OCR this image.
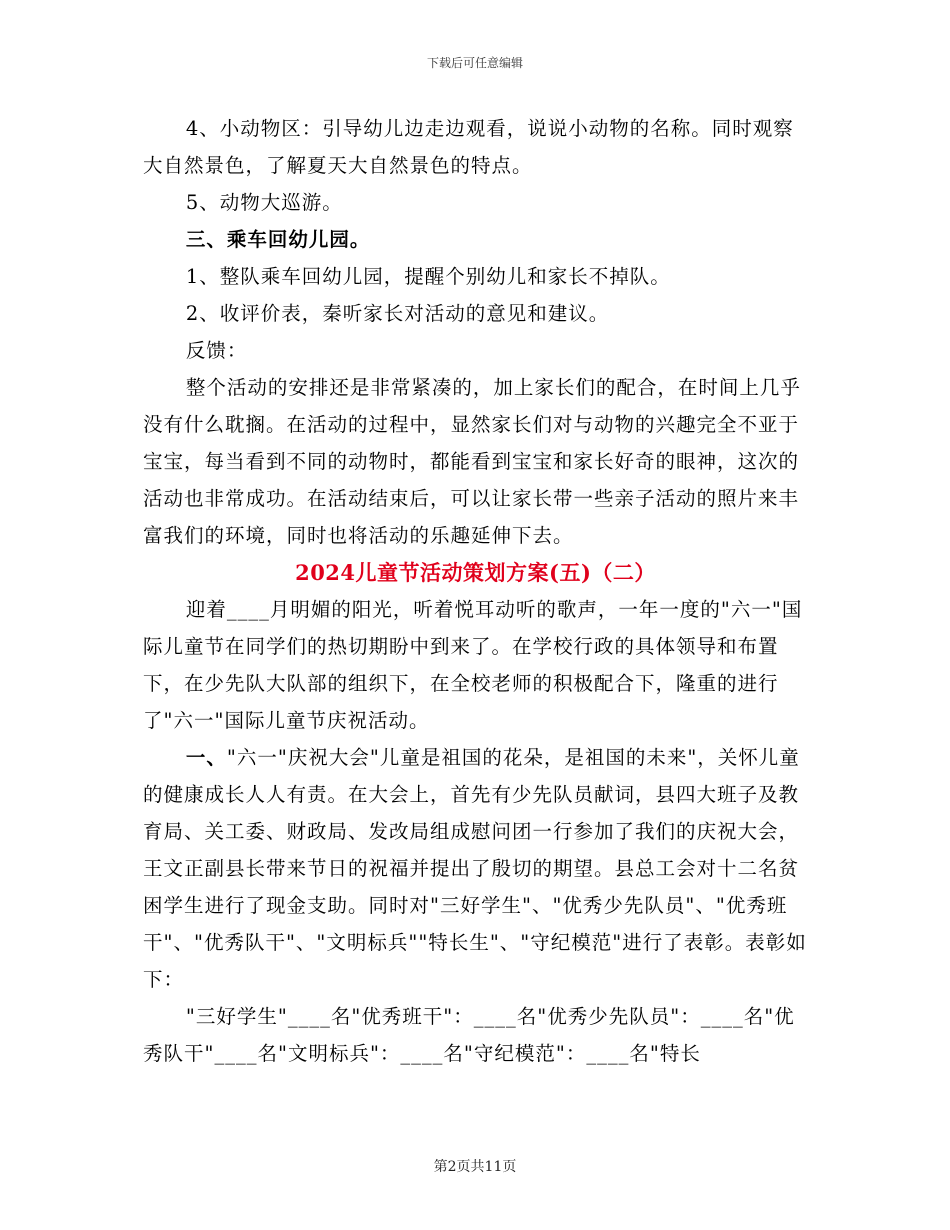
下载后可任意编辑

4、小动物区：引导幼儿边走边观看，说说小动物的名称。同时观察大自然景色，了解夏天大自然景色的特点。

5、动物大巡游。

三、乘车回幼儿园。

1、整队乘车回幼儿园，提醒个别幼儿和家长不掉队。

2、收评价表，秦听家长对活动的意见和建议。

反馈：

整个活动的安排还是非常紧凑的，加上家长们的配合，在时间上几乎没有什么耽搁。在活动的过程中，显然家长们对与动物的兴趣完全不亚于宝宝，每当看到不同的动物时，都能看到宝宝和家长好奇的眼神，这次的活动也非常成功。在活动结束后，可以让家长带一些亲子活动的照片来丰富我们的环境，同时也将活动的乐趣延伸下去。

2024儿童节活动策划方案(五)（二）

迎着____月明媚的阳光，听着悦耳动听的歌声，一年一度的"六一"国际儿童节在同学们的热切期盼中到来了。在学校行政的具体领导和布置下，在少先队大队部的组织下，在全校老师的积极配合下，隆重的进行了"六一"国际儿童节庆祝活动。

一、"六一"庆祝大会"儿童是祖国的花朵，是祖国的未来"，关怀儿童的健康成长人人有责。在大会上，首先有少先队员献词，县四大班子及教育局、关工委、财政局、发改局组成慰问团一行参加了我们的庆祝大会，王文正副县长带来节日的祝福并提出了殷切的期望。县总工会对十二名贫困学生进行了现金支助。同时对"三好学生"、"优秀少先队员"、"优秀班干"、"优秀队干"、"文明标兵""特长生"、"守纪模范"进行了表彰。表彰如下：

"三好学生"____名"优秀班干"：____名"优秀少先队员"：____名"优秀队干"____名"文明标兵"：____名"守纪模范"：____名"特长

第2页共11页
